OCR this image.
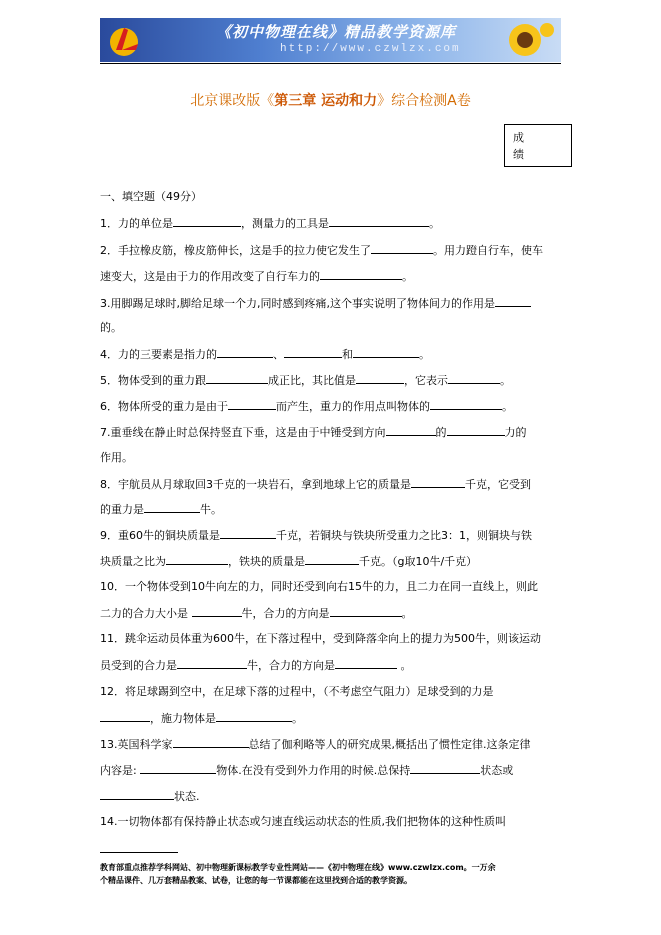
《初中物理在线》精品教学资源库
http://www.czwlzx.com
北京课改版《第三章 运动和力》综合检测A卷
成
绩
一、填空题（49分）
1．力的单位是	，测量力的工具是	。
2．手拉橡皮筋，橡皮筋伸长，这是手的拉力使它发生了	。用力蹬自行车，使车
速变大，这是由于力的作用改变了自行车力的	。
3.用脚踢足球时,脚给足球一个力,同时感到疼痛,这个事实说明了物体间力的作用是
的。
4．力的三要素是指力的	、	和	。
5．物体受到的重力跟	成正比，其比值是	，它表示	。
6．物体所受的重力是由于	而产生，重力的作用点叫物体的	。
7.重垂线在静止时总保持竖直下垂，这是由于中锤受到方向	的	力的
作用。
8．宇航员从月球取回3千克的一块岩石，拿到地球上它的质量是	千克，它受到
的重力是	牛。
9．重60牛的铜块质量是	千克，若铜块与铁块所受重力之比3：1，则铜块与铁
块质量之比为	，铁块的质量是	千克。（g取10牛/千克）
10．一个物体受到10牛向左的力，同时还受到向右15牛的力，且二力在同一直线上，则此
二力的合力大小是	牛，合力的方向是	。
11．跳伞运动员体重为600牛，在下落过程中，受到降落伞向上的提力为500牛，则该运动
员受到的合力是	牛，合力的方向是	。
12．将足球踢到空中，在足球下落的过程中，（不考虑空气阻力）足球受到的力是
，施力物体是	。
13.英国科学家	总结了伽利略等人的研究成果,概括出了惯性定律.这条定律
内容是:	物体.在没有受到外力作用的时候.总保持	状态或
状态.
14.一切物体都有保持静止状态或匀速直线运动状态的性质,我们把物体的这种性质叫
教育部重点推荐学科网站、初中物理新课标教学专业性网站——《初中物理在线》www.czwlzx.com。一万余
个精品课件、几万套精品教案、试卷，让您的每一节课都能在这里找到合适的教学资源。
